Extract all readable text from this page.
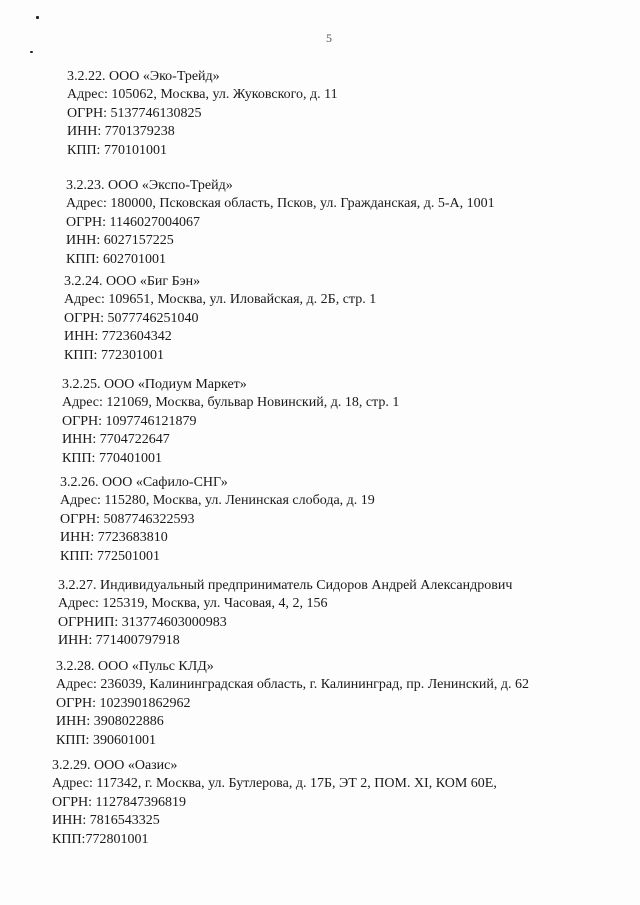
5
3.2.22. ООО «Эко-Трейд»
Адрес: 105062, Москва, ул. Жуковского, д. 11
ОГРН: 5137746130825
ИНН: 7701379238
КПП: 770101001
3.2.23. ООО «Экспо-Трейд»
Адрес: 180000, Псковская область, Псков, ул. Гражданская, д. 5-А, 1001
ОГРН: 1146027004067
ИНН: 6027157225
КПП: 602701001
3.2.24. ООО «Биг Бэн»
Адрес: 109651, Москва, ул. Иловайская, д. 2Б, стр. 1
ОГРН: 5077746251040
ИНН: 7723604342
КПП: 772301001
3.2.25. ООО «Подиум Маркет»
Адрес: 121069, Москва, бульвар Новинский, д. 18, стр. 1
ОГРН: 1097746121879
ИНН: 7704722647
КПП: 770401001
3.2.26. ООО «Сафило-СНГ»
Адрес: 115280, Москва, ул. Ленинская слобода, д. 19
ОГРН: 5087746322593
ИНН: 7723683810
КПП: 772501001
3.2.27. Индивидуальный предприниматель Сидоров Андрей Александрович
Адрес: 125319, Москва, ул. Часовая, 4, 2, 156
ОГРНИП: 313774603000983
ИНН: 771400797918
3.2.28. ООО «Пульс КЛД»
Адрес: 236039, Калининградская область, г. Калининград, пр. Ленинский, д. 62
ОГРН: 1023901862962
ИНН: 3908022886
КПП: 390601001
3.2.29. ООО «Оазис»
Адрес: 117342, г. Москва, ул. Бутлерова, д. 17Б, ЭТ 2, ПОМ. XI, КОМ 60Е,
ОГРН: 1127847396819
ИНН: 7816543325
КПП:772801001
